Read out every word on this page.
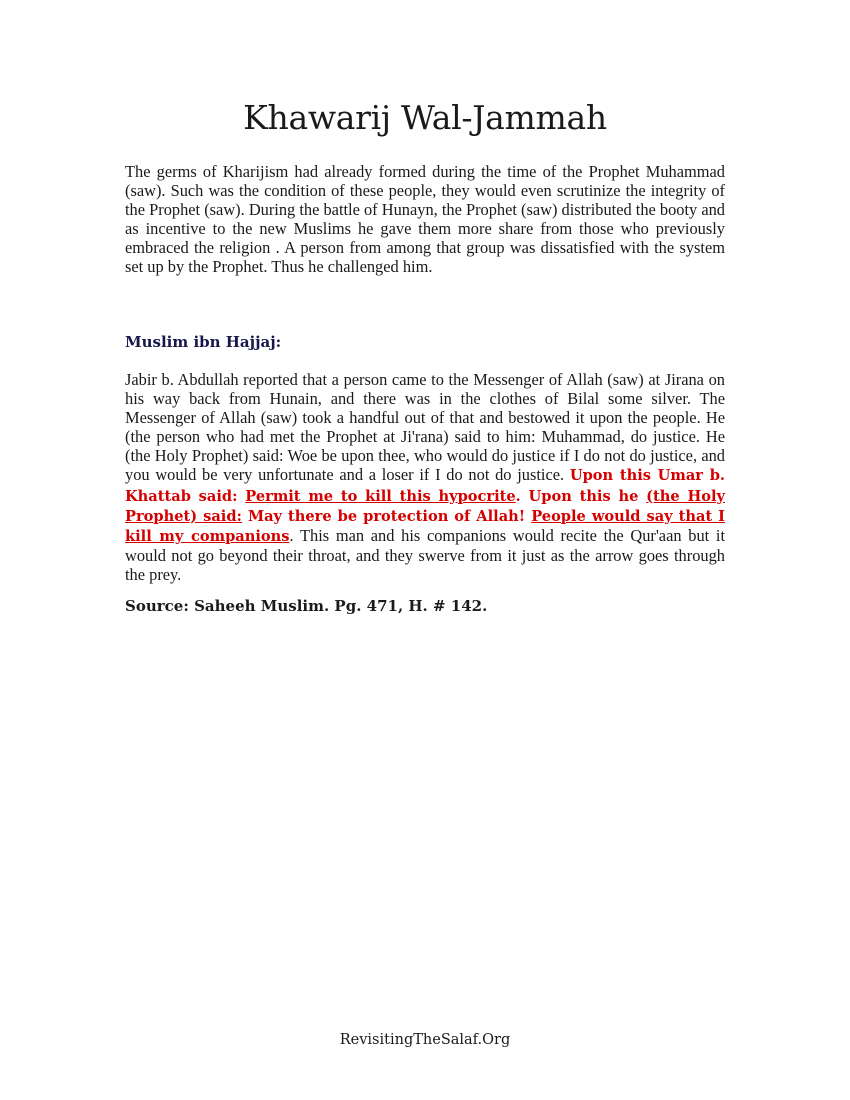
Khawarij Wal-Jammah

The germs of Kharijism had already formed during the time of the Prophet Muhammad (saw). Such was the condition of these people, they would even scrutinize the integrity of the Prophet (saw). During the battle of Hunayn, the Prophet (saw) distributed the booty and as incentive to the new Muslims he gave them more share from those who previously embraced the religion . A person from among that group was dissatisfied with the system set up by the Prophet. Thus he challenged him.

Muslim ibn Hajjaj:

Jabir b. Abdullah reported that a person came to the Messenger of Allah (saw) at Jirana on his way back from Hunain, and there was in the clothes of Bilal some silver. The Messenger of Allah (saw) took a handful out of that and bestowed it upon the people. He (the person who had met the Prophet at Ji'rana) said to him: Muhammad, do justice. He (the Holy Prophet) said: Woe be upon thee, who would do justice if I do not do justice, and you would be very unfortunate and a loser if I do not do justice. Upon this Umar b. Khattab said: Permit me to kill this hypocrite. Upon this he (the Holy Prophet) said: May there be protection of Allah! People would say that I kill my companions. This man and his companions would recite the Qur'aan but it would not go beyond their throat, and they swerve from it just as the arrow goes through the prey.

Source: Saheeh Muslim. Pg. 471, H. # 142.

RevisitingTheSalaf.Org
